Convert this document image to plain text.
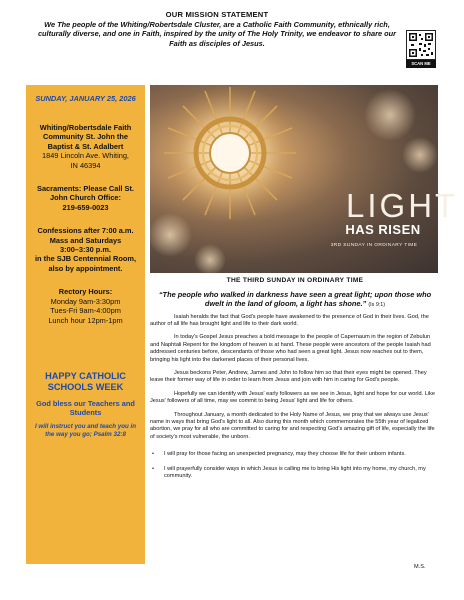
OUR MISSION STATEMENT
We The people of the Whiting/Robertsdale Cluster, are a Catholic Faith Community, ethnically rich, culturally diverse, and one in Faith, inspired by the unity of The Holy Trinity, we endeavor to share our Faith as disciples of Jesus.
SCAN ME
SUNDAY, JANUARY 25, 2026
Whiting/Robertsdale Faith Community St. John the Baptist & St. Adalbert
1849 Lincoln Ave. Whiting,
IN 46394
Sacraments: Please Call St. John Church Office:
219-659-0023
Confessions after 7:00 a.m. Mass and Saturdays
3:00–3:30 p.m.
in the SJB Centennial Room, also by appointment.
Rectory Hours:
Monday 9am-3:30pm
Tues-Fri 9am-4:00pm
Lunch hour 12pm-1pm
HAPPY CATHOLIC SCHOOLS WEEK
God bless our Teachers and Students
I will instruct you and teach you in the way you go; Psalm 32:8
LIGHT
HAS RISEN
3RD SUNDAY IN ORDINARY TIME
THE THIRD SUNDAY IN ORDINARY TIME
“The people who walked in darkness have seen a great light; upon those who dwelt in the land of gloom, a light has shone.” (Is 9:1)

Isaiah heralds the fact that God's people have awakened to the presence of God in their lives. God, the author of all life has brought light and life to their dark world.

In today's Gospel Jesus preaches a bold message to the people of Capernaum in the region of Zebulun and Naphtali Repent for the kingdom of heaven is at hand. These people were ancestors of the people Isaiah had addressed centuries before, descendants of those who had seen a great light. Jesus now reaches out to them, bringing his light into the darkened places of their personal lives.

Jesus beckons Peter, Andrew, James and John to follow him so that their eyes might be opened. They leave their former way of life in order to learn from Jesus and join with him in caring for God's people.

Hopefully we can identify with Jesus' early followers as we see in Jesus, light and hope for our world. Like Jesus' followers of all time, may we commit to being Jesus' light and life for others.

Throughout January, a month dedicated to the Holy Name of Jesus, we pray that we always use Jesus' name in ways that bring God's light to all. Also during this month which commemorates the 55th year of legalized abortion, we pray for all who are committed to caring for and respecting God's amazing gift of life, especially the life of society's most vulnerable, the unborn.

• I will pray for those facing an unexpected pregnancy, may they choose life for their unborn infants.
• I will prayerfully consider ways in which Jesus is calling me to bring His light into my home, my church, my community.
M.S.
